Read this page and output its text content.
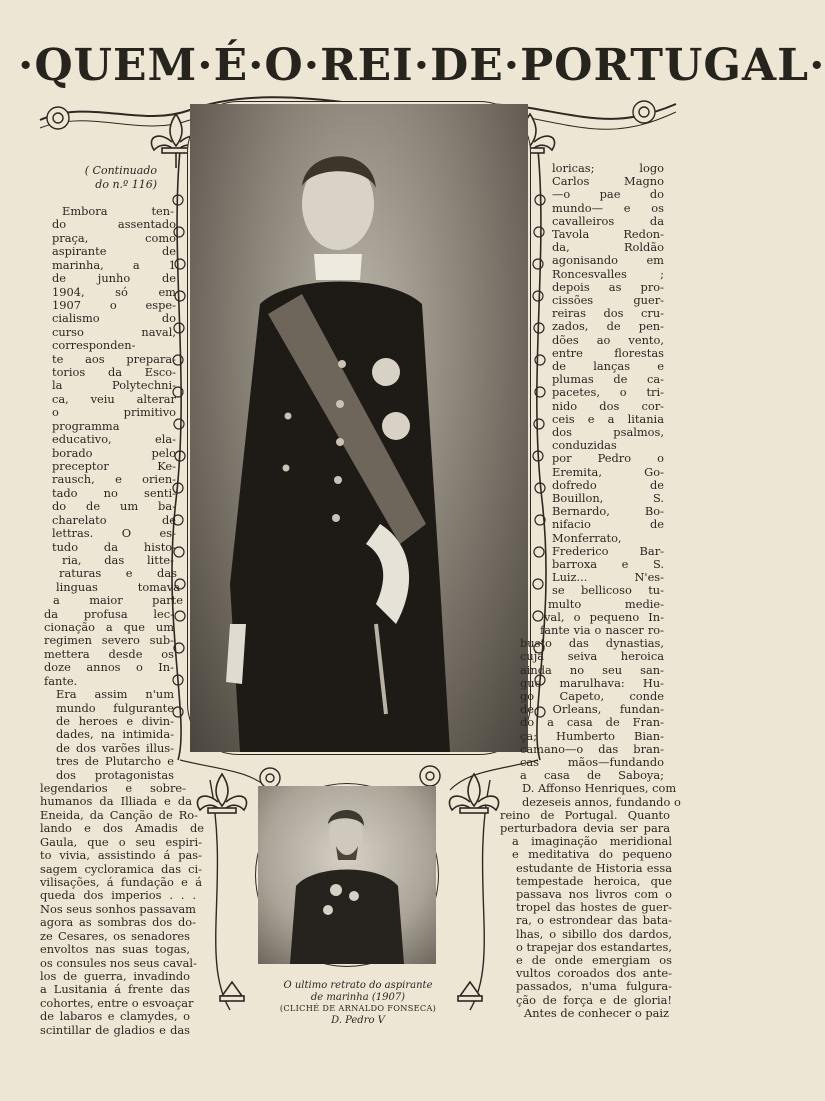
·QUEM·É·O·REI·DE·PORTUGAL·
O ultimo retrato do aspirante
de marinha (1907)
(CLICHÉ DE ARNALDO FONSECA)
D. Pedro V
( Continuado
do n.º 116)
Embora ten-
do assentado
praça, como
aspirante de
marinha, a 1
de junho de
1904, só em
1907 o espe-
cialismo do
curso naval,
corresponden-
te aos prepara-
torios da Esco-
la Polytechni-
ca, veiu alterar
o primitivo
programma
educativo, ela-
borado pelo
preceptor Ke-
rausch, e orien-
tado no senti-
do de um ba-
charelato de
lettras. O es-
tudo da histo-
ria, das litte-
raturas e das
linguas tomava
a maior parte
da profusa lec-
cionação a que um
regimen severo sub-
mettera desde os
doze annos o In-
fante.
Era assim n'um
mundo fulgurante
de heroes e divin-
dades, na intimida-
de dos varões illus-
tres de Plutarcho e
dos protagonistas
legendarios e sobre-
humanos da Illiada e da
Eneida, da Canção de Ro-
lando e dos Amadis de
Gaula, que o seu espiri-
to vivia, assistindo á pas-
sagem cycloramica das ci-
vilisações, á fundação e á
queda dos imperios . . .
Nos seus sonhos passavam
agora as sombras dos do-
ze Cesares, os senadores
envoltos nas suas togas,
os consules nos seus caval-
los de guerra, invadindo
a Lusitania á frente das
cohortes, entre o esvoaçar
de labaros e clamydes, o
scintillar de gladios e das
loricas; logo
Carlos Magno
—o pae do
mundo— e os
cavalleiros da
Tavola Redon-
da, Roldão
agonisando em
Roncesvalles ;
depois as pro-
cissões guer-
reiras dos cru-
zados, de pen-
dões ao vento,
entre florestas
de lanças e
plumas de ca-
pacetes, o tri-
nido dos cor-
ceis e a litania
dos psalmos,
conduzidas
por Pedro o
Eremita, Go-
dofredo de
Bouillon, S.
Bernardo, Bo-
nifacio de
Monferrato,
Frederico Bar-
barroxa e S.
Luiz... N'es-
se bellicoso tu-
multo medie-
val, o pequeno In-
fante via o nascer ro-
busto das dynastias,
cuja seiva heroica
ainda no seu san-
gue marulhava: Hu-
go Capeto, conde
de Orleans, fundan-
do a casa de Fran-
ça; Humberto Bian-
camano—o das bran-
cas mãos—fundando
a casa de Saboya;
D. Affonso Henriques, com
dezeseis annos, fundando o
reino de Portugal. Quanto
perturbadora devia ser para
a imaginação meridional
e meditativa do pequeno
estudante de Historia essa
tempestade heroica, que
passava nos livros com o
tropel das hostes de guer-
ra, o estrondear das bata-
lhas, o sibillo dos dardos,
o trapejar dos estandartes,
e de onde emergiam os
vultos coroados dos ante-
passados, n'uma fulgura-
ção de força e de gloria!
Antes de conhecer o paiz
